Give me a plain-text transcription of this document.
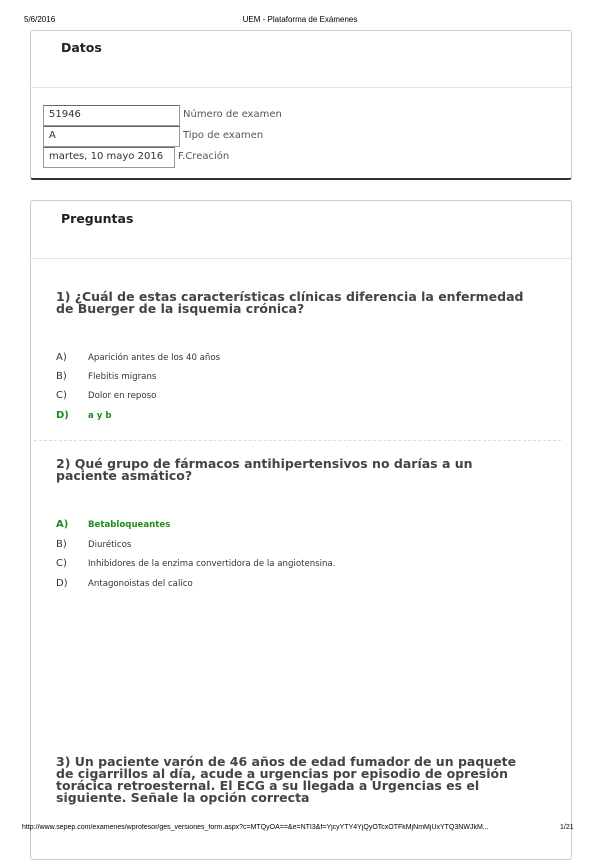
5/6/2016	UEM - Plataforma de Exámenes
Datos
51946	Número de examen
A	Tipo de examen
martes, 10 mayo 2016	F.Creación
Preguntas
1) ¿Cuál de estas características clínicas diferencia la enfermedad de Buerger de la isquemia crónica?
A) Aparición antes de los 40 años
B) Flebitis migrans
C) Dolor en reposo
D) a y b
2) Qué grupo de fármacos antihipertensivos no darías a un paciente asmático?
A) Betabloqueantes
B) Diuréticos
C) Inhibidores de la enzima convertidora de la angiotensina.
D) Antagonoistas del calico
3) Un paciente varón de 46 años de edad fumador de un paquete de cigarrillos al día, acude a urgencias por episodio de opresión torácica retroesternal. El ECG a su llegada a Urgencias es el siguiente. Señale la opción correcta
http://www.sepep.com/examenes/wprofesor/ges_versiones_form.aspx?c=MTQyOA==&e=NTI3&f=YjcyYTY4YjQyOTcxOTFkMjNmMjUxYTQ3NWJkM...	1/21
